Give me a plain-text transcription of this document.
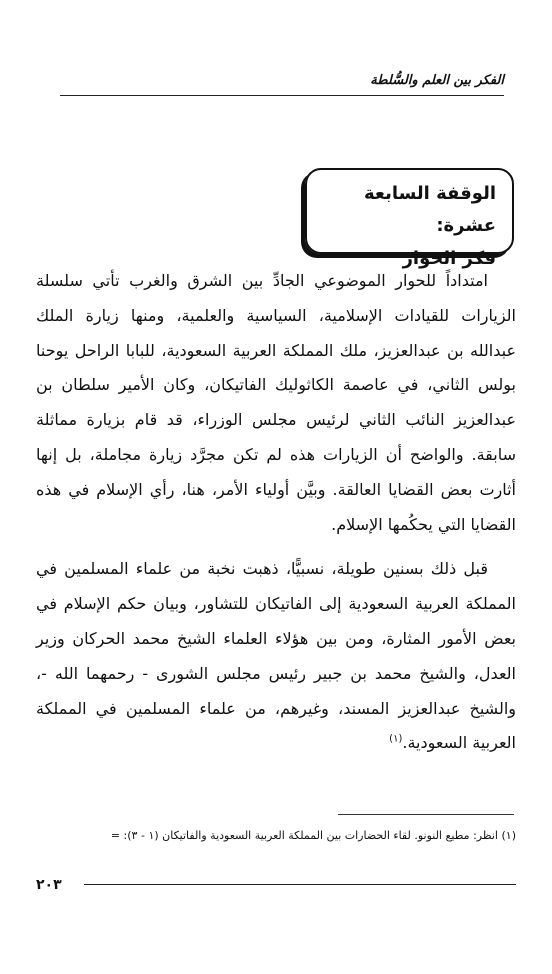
الفكر بين العلم والسُّلطة
الوقفة السابعة عشرة:
فكر الحوار

امتداداً للحوار الموضوعي الجادِّ بين الشرق والغرب تأتي سلسلة الزيارات للقيادات الإسلامية، السياسية والعلمية، ومنها زيارة الملك عبدالله بن عبدالعزيز، ملك المملكة العربية السعودية، للبابا الراحل يوحنا بولس الثاني، في عاصمة الكاثوليك الفاتيكان، وكان الأمير سلطان بن عبدالعزيز النائب الثاني لرئيس مجلس الوزراء، قد قام بزيارة مماثلة سابقة. والواضح أن الزيارات هذه لم تكن مجرَّد زيارة مجاملة، بل إنها أثارت بعض القضايا العالقة. وبيَّن أولياء الأمر، هنا، رأي الإسلام في هذه القضايا التي يحكُمها الإسلام.

قبل ذلك بسنين طويلة، نسبيًّا، ذهبت نخبة من علماء المسلمين في المملكة العربية السعودية إلى الفاتيكان للتشاور، وبيان حكم الإسلام في بعض الأمور المثارة، ومن بين هؤلاء العلماء الشيخ محمد الحركان وزير العدل، والشيخ محمد بن جبير رئيس مجلس الشورى - رحمهما الله -، والشيخ عبدالعزيز المسند، وغيرهم، من علماء المسلمين في المملكة العربية السعودية.$^{(١)}$

(١) انظر: مطيع النونو. لقاء الحضارات بين المملكة العربية السعودية والفاتيكان (١ - ٣): =
٢٠٣
